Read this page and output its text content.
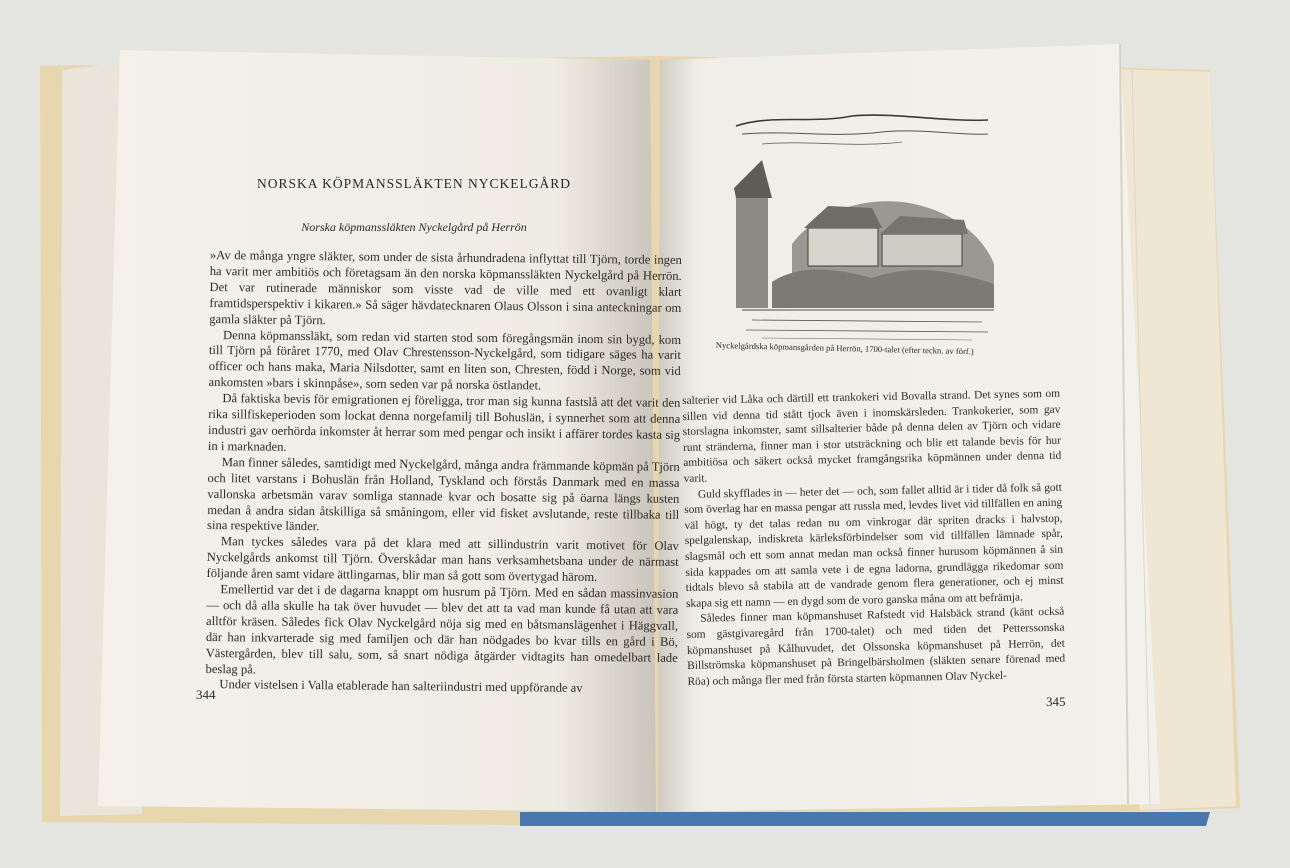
NORSKA KÖPMANSSLÄKTEN NYCKELGÅRD
Norska köpmanssläkten Nyckelgård på Herrön

»Av de många yngre släkter, som under de sista århundradena inflyttat till Tjörn, torde ingen ha varit mer ambitiös och företagsam än den norska köpmanssläkten Nyckelgård på Herrön. Det var rutinerade människor som visste vad de ville med ett ovanligt klart framtidsperspektiv i kikaren.» Så säger hävdatecknaren Olaus Olsson i sina anteckningar om gamla släkter på Tjörn.

Denna köpmanssläkt, som redan vid starten stod som föregångsmän inom sin bygd, kom till Tjörn på föråret 1770, med Olav Chrestensson-Nyckelgård, som tidigare säges ha varit officer och hans maka, Maria Nilsdotter, samt en liten son, Chresten, född i Norge, som vid ankomsten »bars i skinnpåse», som seden var på norska östlandet.

Då faktiska bevis för emigrationen ej föreligga, tror man sig kunna fastslå att det varit den rika sillfiskeperioden som lockat denna norgefamilj till Bohuslän, i synnerhet som att denna industri gav oerhörda inkomster åt herrar som med pengar och insikt i affärer tordes kasta sig in i marknaden.

Man finner således, samtidigt med Nyckelgård, många andra främmande köpmän på Tjörn och litet varstans i Bohuslän från Holland, Tyskland och förstås Danmark med en massa vallonska arbetsmän varav somliga stannade kvar och bosatte sig på öarna längs kusten medan å andra sidan åtskilliga så småningom, eller vid fisket avslutande, reste tillbaka till sina respektive länder.

Man tyckes således vara på det klara med att sillindustrin varit motivet för Olav Nyckelgårds ankomst till Tjörn. Överskådar man hans verksamhetsbana under de närmast följande åren samt vidare ättlingarnas, blir man så gott som övertygad härom.

Emellertid var det i de dagarna knappt om husrum på Tjörn. Med en sådan massinvasion — och då alla skulle ha tak över huvudet — blev det att ta vad man kunde få utan att vara alltför kräsen. Således fick Olav Nyckelgård nöja sig med en båtsmanslägenhet i Häggvall, där han inkvarterade sig med familjen och där han nödgades bo kvar tills en gård i Bö, Västergården, blev till salu, som, så snart nödiga åtgärder vidtagits han omedelbart lade beslag på.

Under vistelsen i Valla etablerade han salteriindustri med uppförande av

344
Nyckelgårdska köpmansgården på Herrön, 1700-talet (efter teckn. av förf.)

salterier vid Låka och därtill ett trankokeri vid Bovalla strand. Det synes som om sillen vid denna tid stått tjock även i inomskärsleden. Trankokerier, som gav storslagna inkomster, samt sillsalterier både på denna delen av Tjörn och vidare runt stränderna, finner man i stor utsträckning och blir ett talande bevis för hur ambitiösa och säkert också mycket framgångsrika köpmännen under denna tid varit.

Guld skyfflades in — heter det — och, som fallet alltid är i tider då folk så gott som överlag har en massa pengar att russla med, levdes livet vid tillfällen en aning väl högt, ty det talas redan nu om vinkrogar där spriten dracks i halvstop, spelgalenskap, indiskreta kärleksförbindelser som vid tillfällen lämnade spår, slagsmål och ett som annat medan man också finner hurusom köpmännen å sin sida kappades om att samla vete i de egna ladorna, grundlägga rikedomar som tidtals blevo så stabila att de vandrade genom flera generationer, och ej minst skapa sig ett namn — en dygd som de voro ganska måna om att befrämja.

Således finner man köpmanshuset Rafstedt vid Halsbäck strand (känt också som gästgivaregård från 1700-talet) och med tiden det Petterssonska köpmanshuset på Kålhuvudet, det Olssonska köpmanshuset på Herrön, det Billströmska köpmanshuset på Bringelbärsholmen (släkten senare förenad med Röa) och många fler med från första starten köpmannen Olav Nyckel-

345
